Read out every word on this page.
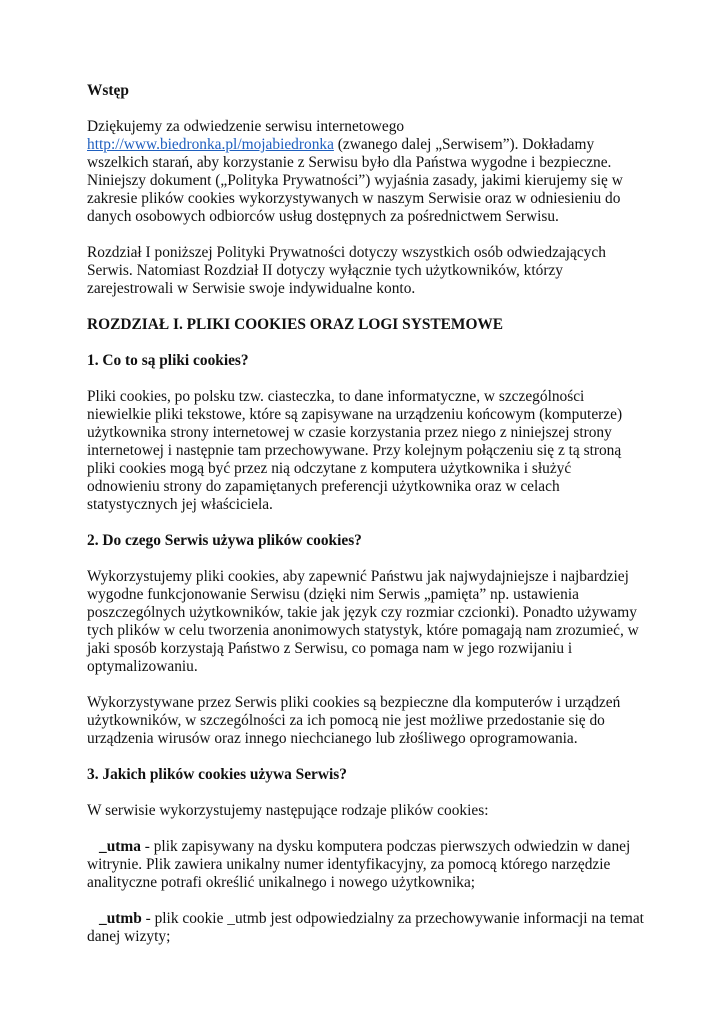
Wstęp

Dziękujemy za odwiedzenie serwisu internetowego http://www.biedronka.pl/mojabiedronka (zwanego dalej „Serwisem”). Dokładamy wszelkich starań, aby korzystanie z Serwisu było dla Państwa wygodne i bezpieczne. Niniejszy dokument („Polityka Prywatności”) wyjaśnia zasady, jakimi kierujemy się w zakresie plików cookies wykorzystywanych w naszym Serwisie oraz w odniesieniu do danych osobowych odbiorców usług dostępnych za pośrednictwem Serwisu.

Rozdział I poniższej Polityki Prywatności dotyczy wszystkich osób odwiedzających Serwis. Natomiast Rozdział II dotyczy wyłącznie tych użytkowników, którzy zarejestrowali w Serwisie swoje indywidualne konto.

ROZDZIAŁ I. PLIKI COOKIES ORAZ LOGI SYSTEMOWE

1. Co to są pliki cookies?

Pliki cookies, po polsku tzw. ciasteczka, to dane informatyczne, w szczególności niewielkie pliki tekstowe, które są zapisywane na urządzeniu końcowym (komputerze) użytkownika strony internetowej w czasie korzystania przez niego z niniejszej strony internetowej i następnie tam przechowywane. Przy kolejnym połączeniu się z tą stroną pliki cookies mogą być przez nią odczytane z komputera użytkownika i służyć odnowieniu strony do zapamiętanych preferencji użytkownika oraz w celach statystycznych jej właściciela.

2. Do czego Serwis używa plików cookies?

Wykorzystujemy pliki cookies, aby zapewnić Państwu jak najwydajniejsze i najbardziej wygodne funkcjonowanie Serwisu (dzięki nim Serwis „pamięta” np. ustawienia poszczególnych użytkowników, takie jak język czy rozmiar czcionki). Ponadto używamy tych plików w celu tworzenia anonimowych statystyk, które pomagają nam zrozumieć, w jaki sposób korzystają Państwo z Serwisu, co pomaga nam w jego rozwijaniu i optymalizowaniu.

Wykorzystywane przez Serwis pliki cookies są bezpieczne dla komputerów i urządzeń użytkowników, w szczególności za ich pomocą nie jest możliwe przedostanie się do urządzenia wirusów oraz innego niechcianego lub złośliwego oprogramowania.

3. Jakich plików cookies używa Serwis?

W serwisie wykorzystujemy następujące rodzaje plików cookies:

_utma - plik zapisywany na dysku komputera podczas pierwszych odwiedzin w danej witrynie. Plik zawiera unikalny numer identyfikacyjny, za pomocą którego narzędzie analityczne potrafi określić unikalnego i nowego użytkownika;

_utmb - plik cookie _utmb jest odpowiedzialny za przechowywanie informacji na temat danej wizyty;
